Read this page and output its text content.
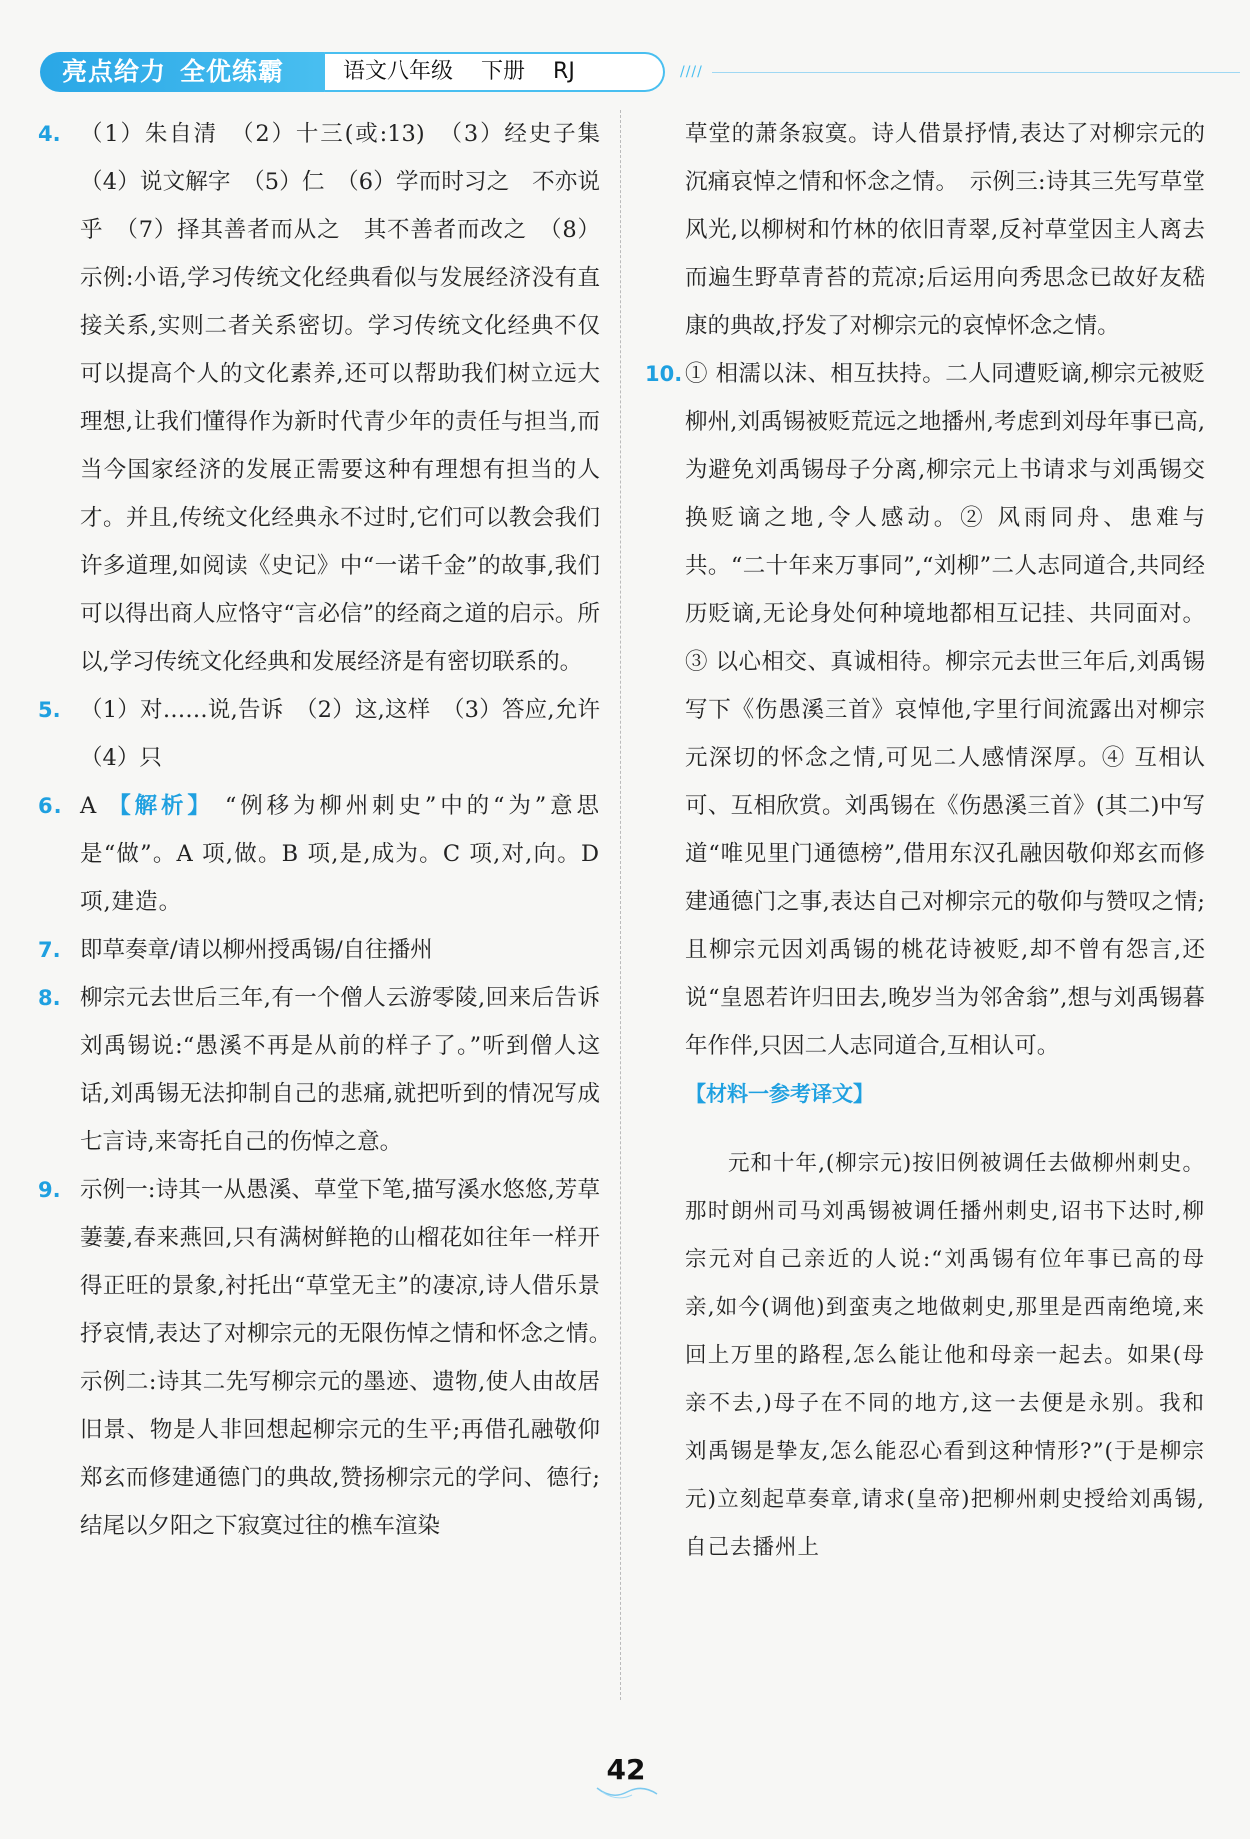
亮点给力 全优练霸	语文八年级 下册 RJ	////

4. （1）朱自清　（2）十三(或:13)　（3）经史子集　（4）说文解字　（5）仁　（6）学而时习之　不亦说乎　（7）择其善者而从之　其不善者而改之　（8）示例:小语,学习传统文化经典看似与发展经济没有直接关系,实则二者关系密切。学习传统文化经典不仅可以提高个人的文化素养,还可以帮助我们树立远大理想,让我们懂得作为新时代青少年的责任与担当,而当今国家经济的发展正需要这种有理想有担当的人才。并且,传统文化经典永不过时,它们可以教会我们许多道理,如阅读《史记》中“一诺千金”的故事,我们可以得出商人应恪守“言必信”的经商之道的启示。所以,学习传统文化经典和发展经济是有密切联系的。

5. （1）对……说,告诉　（2）这,这样　（3）答应,允许　（4）只

6. A 【解析】 “例移为柳州刺史”中的“为”意思是“做”。A 项,做。B 项,是,成为。C 项,对,向。D 项,建造。

7. 即草奏章/请以柳州授禹锡/自往播州

8. 柳宗元去世后三年,有一个僧人云游零陵,回来后告诉刘禹锡说:“愚溪不再是从前的样子了。”听到僧人这话,刘禹锡无法抑制自己的悲痛,就把听到的情况写成七言诗,来寄托自己的伤悼之意。

9. 示例一:诗其一从愚溪、草堂下笔,描写溪水悠悠,芳草萋萋,春来燕回,只有满树鲜艳的山榴花如往年一样开得正旺的景象,衬托出“草堂无主”的凄凉,诗人借乐景抒哀情,表达了对柳宗元的无限伤悼之情和怀念之情。　示例二:诗其二先写柳宗元的墨迹、遗物,使人由故居旧景、物是人非回想起柳宗元的生平;再借孔融敬仰郑玄而修建通德门的典故,赞扬柳宗元的学问、德行;结尾以夕阳之下寂寞过往的樵车渲染

草堂的萧条寂寞。诗人借景抒情,表达了对柳宗元的沉痛哀悼之情和怀念之情。　示例三:诗其三先写草堂风光,以柳树和竹林的依旧青翠,反衬草堂因主人离去而遍生野草青苔的荒凉;后运用向秀思念已故好友嵇康的典故,抒发了对柳宗元的哀悼怀念之情。

10. ① 相濡以沫、相互扶持。二人同遭贬谪,柳宗元被贬柳州,刘禹锡被贬荒远之地播州,考虑到刘母年事已高,为避免刘禹锡母子分离,柳宗元上书请求与刘禹锡交换贬谪之地,令人感动。② 风雨同舟、患难与共。“二十年来万事同”,“刘柳”二人志同道合,共同经历贬谪,无论身处何种境地都相互记挂、共同面对。③ 以心相交、真诚相待。柳宗元去世三年后,刘禹锡写下《伤愚溪三首》哀悼他,字里行间流露出对柳宗元深切的怀念之情,可见二人感情深厚。④ 互相认可、互相欣赏。刘禹锡在《伤愚溪三首》(其二)中写道“唯见里门通德榜”,借用东汉孔融因敬仰郑玄而修建通德门之事,表达自己对柳宗元的敬仰与赞叹之情;且柳宗元因刘禹锡的桃花诗被贬,却不曾有怨言,还说“皇恩若许归田去,晚岁当为邻舍翁”,想与刘禹锡暮年作伴,只因二人志同道合,互相认可。

【材料一参考译文】

元和十年,(柳宗元)按旧例被调任去做柳州刺史。那时朗州司马刘禹锡被调任播州刺史,诏书下达时,柳宗元对自己亲近的人说:“刘禹锡有位年事已高的母亲,如今(调他)到蛮夷之地做刺史,那里是西南绝境,来回上万里的路程,怎么能让他和母亲一起去。如果(母亲不去,)母子在不同的地方,这一去便是永别。我和刘禹锡是挚友,怎么能忍心看到这种情形?”(于是柳宗元)立刻起草奏章,请求(皇帝)把柳州刺史授给刘禹锡,自己去播州上

42
